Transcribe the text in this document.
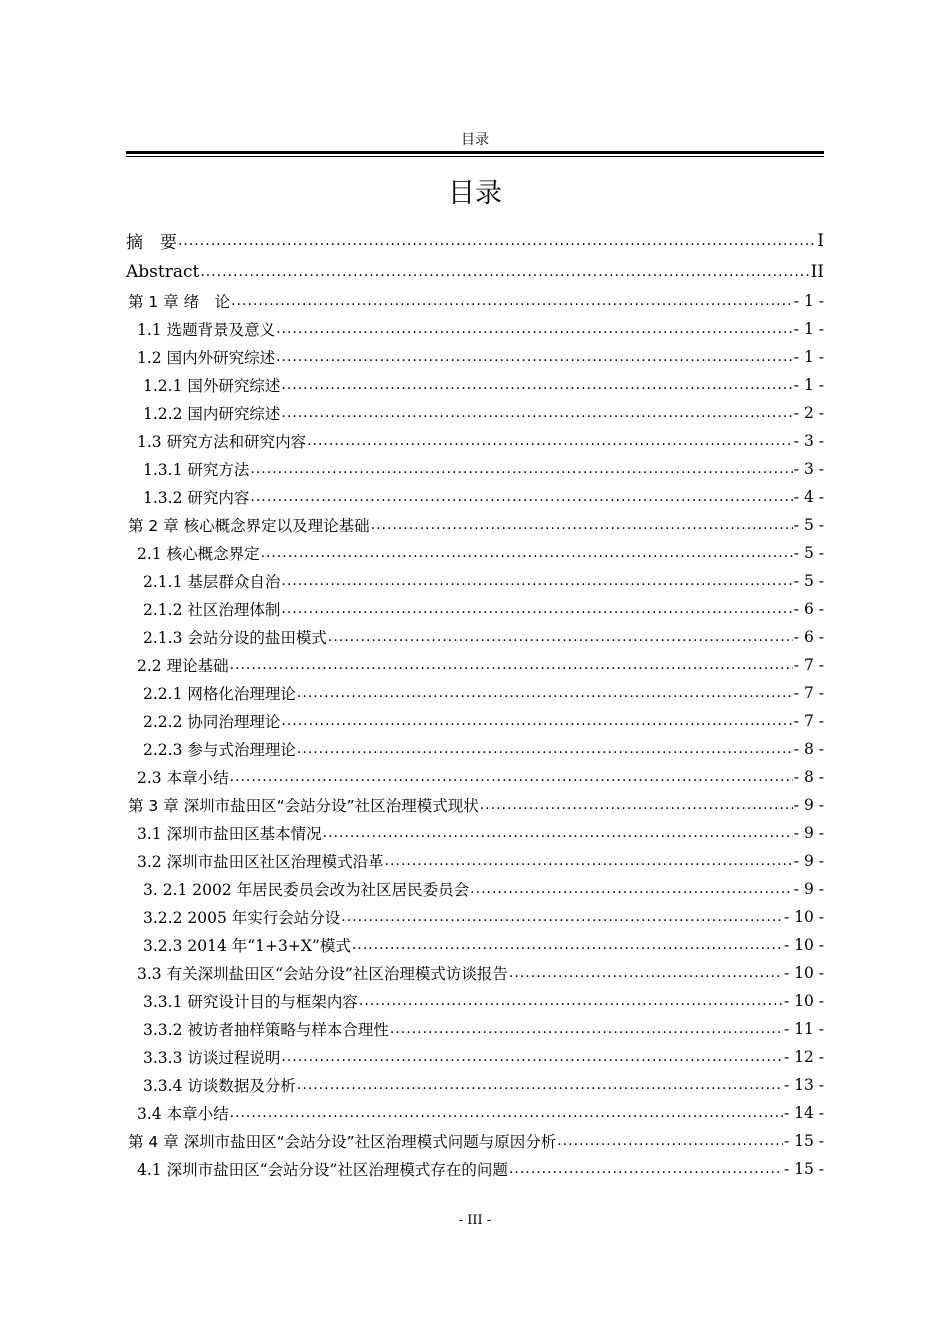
目录
目录
摘　要 .....	I
Abstract .....	II
第 1 章 绪　论 .....	- 1 -
1.1 选题背景及意义 .....	- 1 -
1.2 国内外研究综述 .....	- 1 -
1.2.1 国外研究综述 .....	- 1 -
1.2.2 国内研究综述 .....	- 2 -
1.3 研究方法和研究内容 .....	- 3 -
1.3.1 研究方法 .....	- 3 -
1.3.2 研究内容 .....	- 4 -
第 2 章 核心概念界定以及理论基础 .....	- 5 -
2.1 核心概念界定 .....	- 5 -
2.1.1 基层群众自治 .....	- 5 -
2.1.2 社区治理体制 .....	- 6 -
2.1.3 会站分设的盐田模式 .....	- 6 -
2.2 理论基础 .....	- 7 -
2.2.1 网格化治理理论 .....	- 7 -
2.2.2 协同治理理论 .....	- 7 -
2.2.3 参与式治理理论 .....	- 8 -
2.3 本章小结 .....	- 8 -
第 3 章 深圳市盐田区“会站分设”社区治理模式现状 .....	- 9 -
3.1 深圳市盐田区基本情况 .....	- 9 -
3.2 深圳市盐田区社区治理模式沿革 .....	- 9 -
3. 2.1 2002 年居民委员会改为社区居民委员会 .....	- 9 -
3.2.2 2005 年实行会站分设 .....	- 10 -
3.2.3 2014 年“1+3+X”模式 .....	- 10 -
3.3 有关深圳盐田区“会站分设”社区治理模式访谈报告 .....	- 10 -
3.3.1 研究设计目的与框架内容 .....	- 10 -
3.3.2 被访者抽样策略与样本合理性 .....	- 11 -
3.3.3 访谈过程说明 .....	- 12 -
3.3.4 访谈数据及分析 .....	- 13 -
3.4 本章小结 .....	- 14 -
第 4 章 深圳市盐田区“会站分设”社区治理模式问题与原因分析 .....	- 15 -
4.1 深圳市盐田区“会站分设”社区治理模式存在的问题 .....	- 15 -
- III -
